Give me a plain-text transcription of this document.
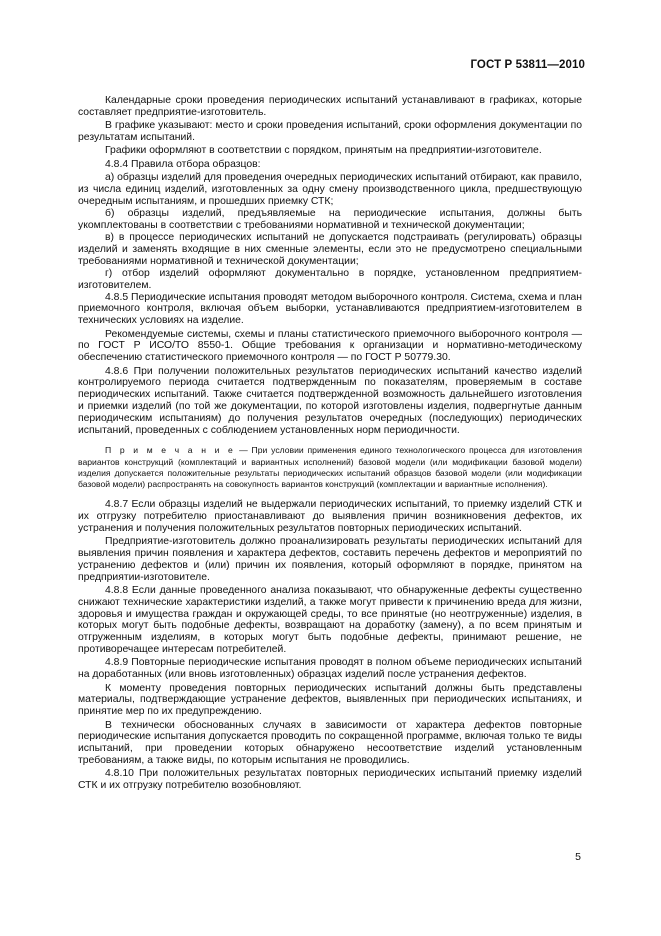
ГОСТ Р 53811—2010

Календарные сроки проведения периодических испытаний устанавливают в графиках, которые составляет предприятие-изготовитель.

В графике указывают: место и сроки проведения испытаний, сроки оформления документации по результатам испытаний.

Графики оформляют в соответствии с порядком, принятым на предприятии-изготовителе.

4.8.4 Правила отбора образцов:

а) образцы изделий для проведения очередных периодических испытаний отбирают, как правило, из числа единиц изделий, изготовленных за одну смену производственного цикла, предшествующую очередным испытаниям, и прошедших приемку СТК;

б) образцы изделий, предъявляемые на периодические испытания, должны быть укомплектованы в соответствии с требованиями нормативной и технической документации;

в) в процессе периодических испытаний не допускается подстраивать (регулировать) образцы изделий и заменять входящие в них сменные элементы, если это не предусмотрено специальными требованиями нормативной и технической документации;

г) отбор изделий оформляют документально в порядке, установленном предприятием-изготовителем.

4.8.5 Периодические испытания проводят методом выборочного контроля. Система, схема и план приемочного контроля, включая объем выборки, устанавливаются предприятием-изготовителем в технических условиях на изделие.

Рекомендуемые системы, схемы и планы статистического приемочного выборочного контроля — по ГОСТ Р ИСО/ТО 8550-1. Общие требования к организации и нормативно-методическому обеспечению статистического приемочного контроля — по ГОСТ Р 50779.30.

4.8.6 При получении положительных результатов периодических испытаний качество изделий контролируемого периода считается подтвержденным по показателям, проверяемым в составе периодических испытаний. Также считается подтвержденной возможность дальнейшего изготовления и приемки изделий (по той же документации, по которой изготовлены изделия, подвергнутые данным периодическим испытаниям) до получения результатов очередных (последующих) периодических испытаний, проведенных с соблюдением установленных норм периодичности.

П р и м е ч а н и е — При условии применения единого технологического процесса для изготовления вариантов конструкций (комплектаций и вариантных исполнений) базовой модели (или модификации базовой модели) изделия допускается положительные результаты периодических испытаний образцов базовой модели (или модификации базовой модели) распространять на совокупность вариантов конструкций (комплектации и вариантные исполнения).

4.8.7 Если образцы изделий не выдержали периодических испытаний, то приемку изделий СТК и их отгрузку потребителю приостанавливают до выявления причин возникновения дефектов, их устранения и получения положительных результатов повторных периодических испытаний.

Предприятие-изготовитель должно проанализировать результаты периодических испытаний для выявления причин появления и характера дефектов, составить перечень дефектов и мероприятий по устранению дефектов и (или) причин их появления, который оформляют в порядке, принятом на предприятии-изготовителе.

4.8.8 Если данные проведенного анализа показывают, что обнаруженные дефекты существенно снижают технические характеристики изделий, а также могут привести к причинению вреда для жизни, здоровья и имущества граждан и окружающей среды, то все принятые (но неотгруженные) изделия, в которых могут быть подобные дефекты, возвращают на доработку (замену), а по всем принятым и отгруженным изделиям, в которых могут быть подобные дефекты, принимают решение, не противоречащее интересам потребителей.

4.8.9 Повторные периодические испытания проводят в полном объеме периодических испытаний на доработанных (или вновь изготовленных) образцах изделий после устранения дефектов.

К моменту проведения повторных периодических испытаний должны быть представлены материалы, подтверждающие устранение дефектов, выявленных при периодических испытаниях, и принятие мер по их предупреждению.

В технически обоснованных случаях в зависимости от характера дефектов повторные периодические испытания допускается проводить по сокращенной программе, включая только те виды испытаний, при проведении которых обнаружено несоответствие изделий установленным требованиям, а также виды, по которым испытания не проводились.

4.8.10 При положительных результатах повторных периодических испытаний приемку изделий СТК и их отгрузку потребителю возобновляют.

5
